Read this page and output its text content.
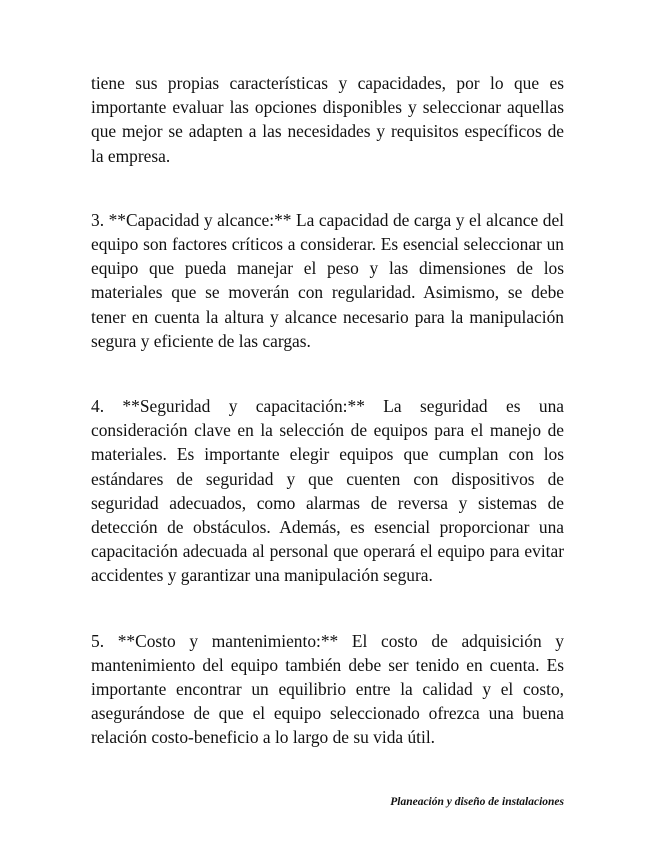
tiene sus propias características y capacidades, por lo que es importante evaluar las opciones disponibles y seleccionar aquellas que mejor se adapten a las necesidades y requisitos específicos de la empresa.

3. **Capacidad y alcance:** La capacidad de carga y el alcance del equipo son factores críticos a considerar. Es esencial seleccionar un equipo que pueda manejar el peso y las dimensiones de los materiales que se moverán con regularidad. Asimismo, se debe tener en cuenta la altura y alcance necesario para la manipulación segura y eficiente de las cargas.

4. **Seguridad y capacitación:** La seguridad es una consideración clave en la selección de equipos para el manejo de materiales. Es importante elegir equipos que cumplan con los estándares de seguridad y que cuenten con dispositivos de seguridad adecuados, como alarmas de reversa y sistemas de detección de obstáculos. Además, es esencial proporcionar una capacitación adecuada al personal que operará el equipo para evitar accidentes y garantizar una manipulación segura.

5. **Costo y mantenimiento:** El costo de adquisición y mantenimiento del equipo también debe ser tenido en cuenta. Es importante encontrar un equilibrio entre la calidad y el costo, asegurándose de que el equipo seleccionado ofrezca una buena relación costo-beneficio a lo largo de su vida útil.

Planeación y diseño de instalaciones
